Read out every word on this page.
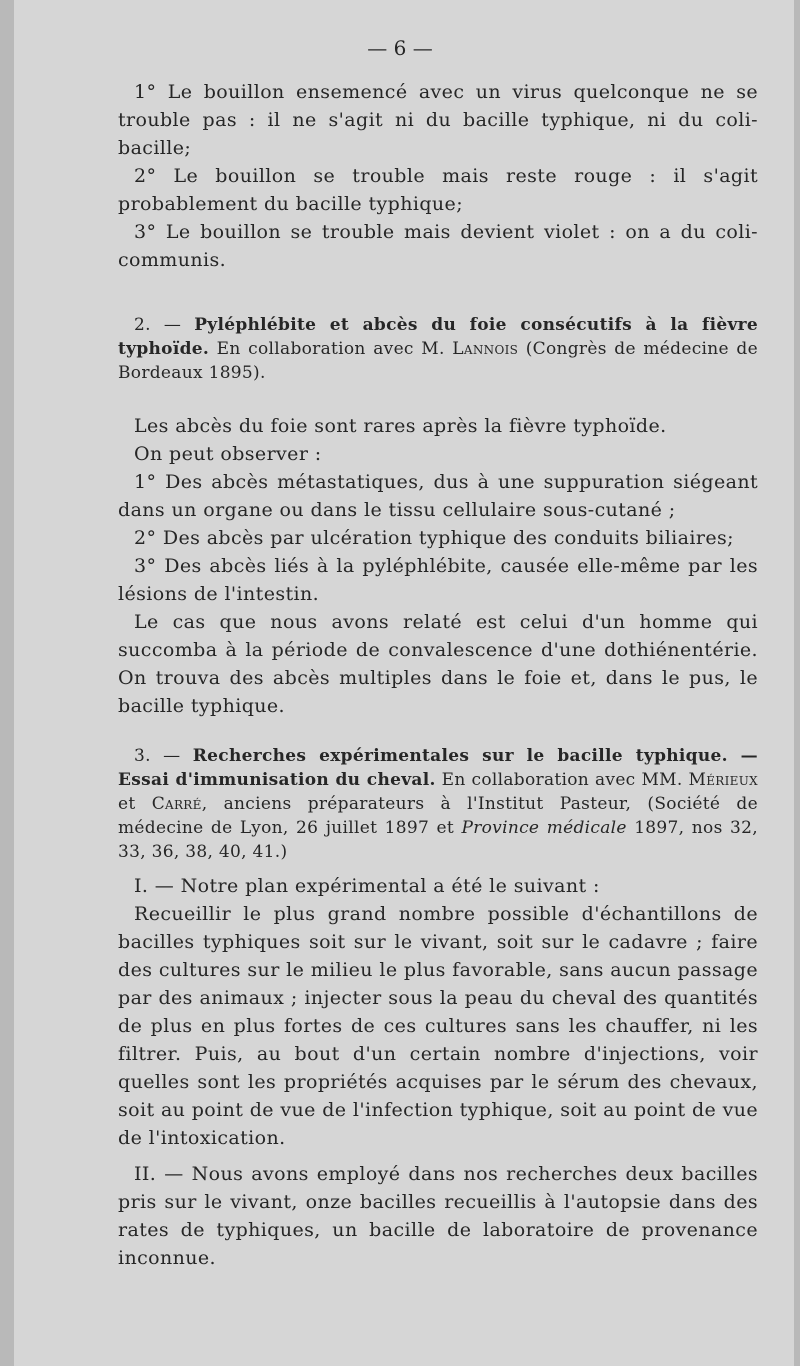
— 6 —

1° Le bouillon ensemencé avec un virus quelconque ne se trouble pas : il ne s'agit ni du bacille typhique, ni du coli-bacille;

2° Le bouillon se trouble mais reste rouge : il s'agit probablement du bacille typhique;

3° Le bouillon se trouble mais devient violet : on a du coli-communis.

2. — Pyléphlébite et abcès du foie consécutifs à la fièvre typhoïde. En collaboration avec M. Lannois (Congrès de médecine de Bordeaux 1895).

Les abcès du foie sont rares après la fièvre typhoïde.

On peut observer :

1° Des abcès métastatiques, dus à une suppuration siégeant dans un organe ou dans le tissu cellulaire sous-cutané ;

2° Des abcès par ulcération typhique des conduits biliaires;

3° Des abcès liés à la pyléphlébite, causée elle-même par les lésions de l'intestin.

Le cas que nous avons relaté est celui d'un homme qui succomba à la période de convalescence d'une dothiénentérie. On trouva des abcès multiples dans le foie et, dans le pus, le bacille typhique.

3. — Recherches expérimentales sur le bacille typhique. — Essai d'immunisation du cheval. En collaboration avec MM. Mérieux et Carré, anciens préparateurs à l'Institut Pasteur, (Société de médecine de Lyon, 26 juillet 1897 et Province médicale 1897, nos 32, 33, 36, 38, 40, 41.)

I. — Notre plan expérimental a été le suivant :

Recueillir le plus grand nombre possible d'échantillons de bacilles typhiques soit sur le vivant, soit sur le cadavre ; faire des cultures sur le milieu le plus favorable, sans aucun passage par des animaux ; injecter sous la peau du cheval des quantités de plus en plus fortes de ces cultures sans les chauffer, ni les filtrer. Puis, au bout d'un certain nombre d'injections, voir quelles sont les propriétés acquises par le sérum des chevaux, soit au point de vue de l'infection typhique, soit au point de vue de l'intoxication.

II. — Nous avons employé dans nos recherches deux bacilles pris sur le vivant, onze bacilles recueillis à l'autopsie dans des rates de typhiques, un bacille de laboratoire de provenance inconnue.
